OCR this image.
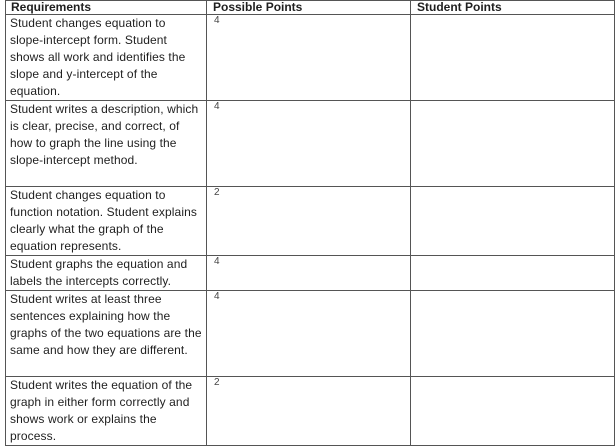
Requirements	Possible Points	Student Points
Student changes equation to slope-intercept form. Student shows all work and identifies the slope and y-intercept of the equation.	4	
Student writes a description, which is clear, precise, and correct, of how to graph the line using the slope-intercept method.	4	
Student changes equation to function notation. Student explains clearly what the graph of the equation represents.	2	
Student graphs the equation and labels the intercepts correctly.	4	
Student writes at least three sentences explaining how the graphs of the two equations are the same and how they are different.	4	
Student writes the equation of the graph in either form correctly and shows work or explains the process.	2	
